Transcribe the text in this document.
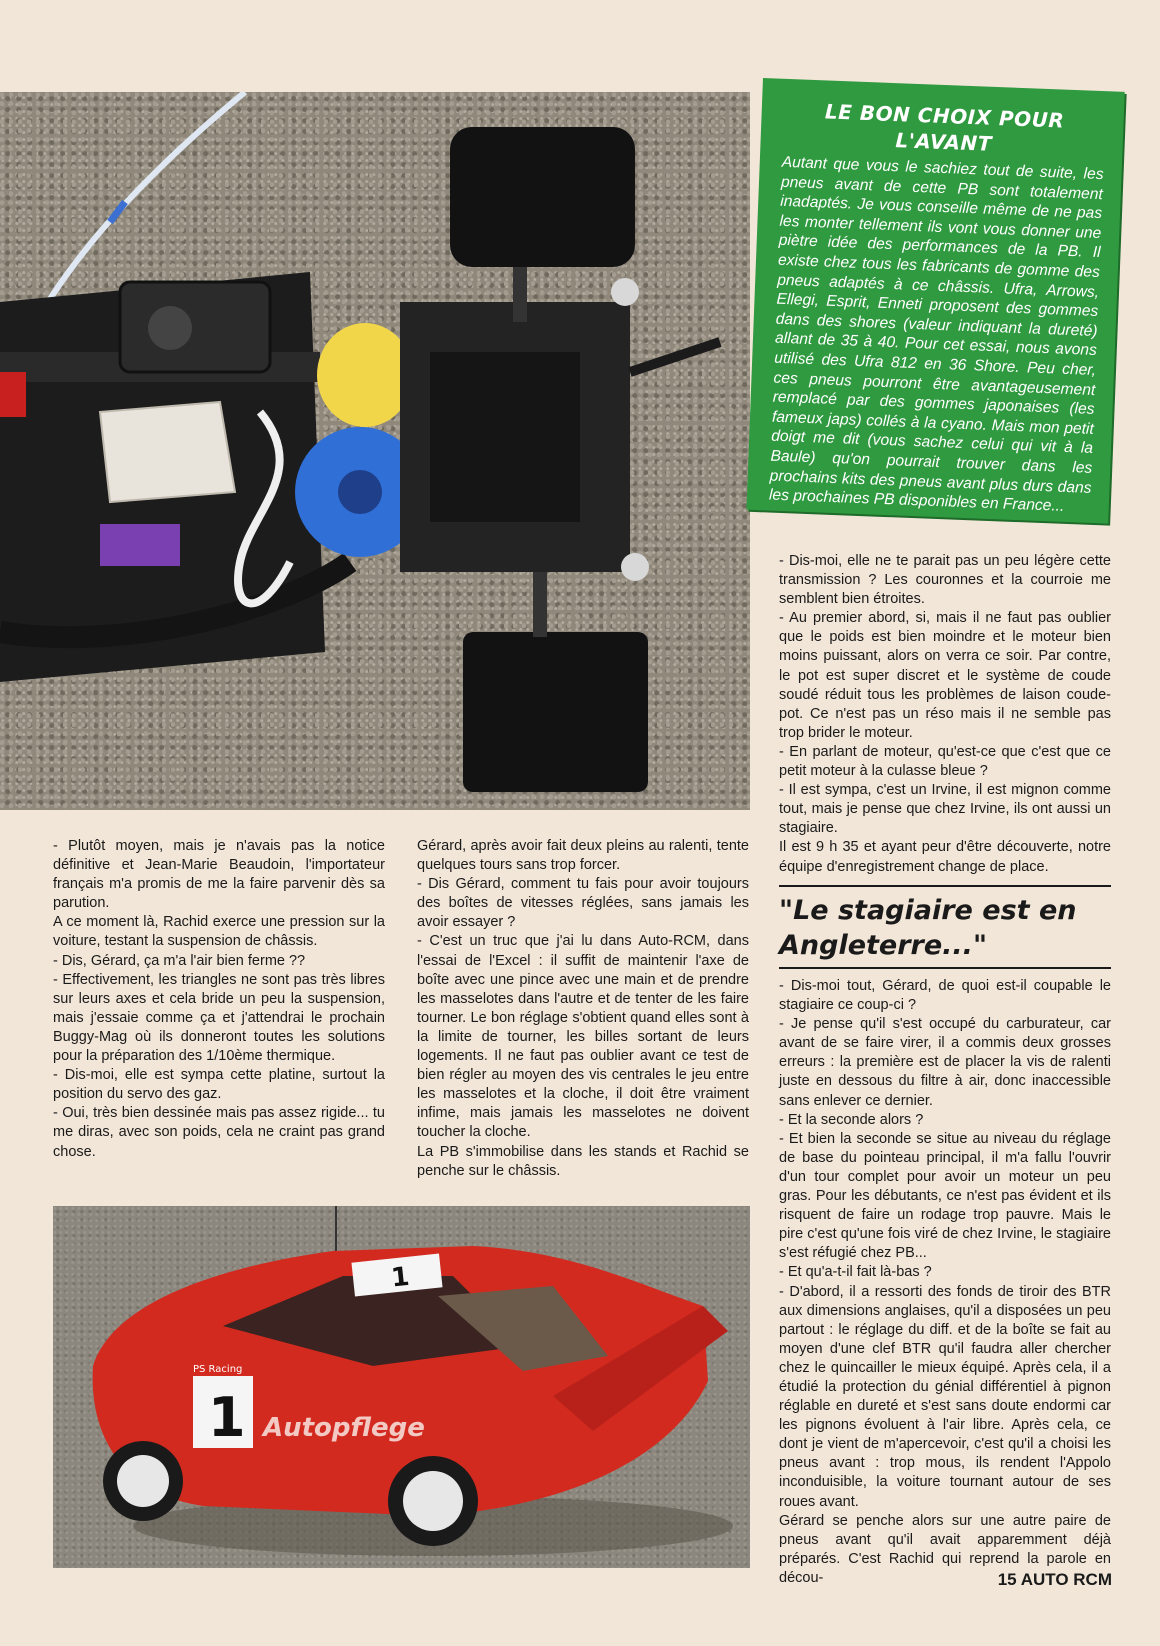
LE BON CHOIX POUR L'AVANT

Autant que vous le sachiez tout de suite, les pneus avant de cette PB sont totalement inadaptés. Je vous conseille même de ne pas les monter tellement ils vont vous donner une piètre idée des performances de la PB. Il existe chez tous les fabricants de gomme des pneus adaptés à ce châssis. Ufra, Arrows, Ellegi, Esprit, Enneti proposent des gommes dans des shores (valeur indiquant la dureté) allant de 35 à 40. Pour cet essai, nous avons utilisé des Ufra 812 en 36 Shore. Peu cher, ces pneus pourront être avantageusement remplacé par des gommes japonaises (les fameux japs) collés à la cyano. Mais mon petit doigt me dit (vous sachez celui qui vit à la Baule) qu'on pourrait trouver dans les prochains kits des pneus avant plus durs dans les prochaines PB disponibles en France...

- Plutôt moyen, mais je n'avais pas la notice définitive et Jean-Marie Beaudoin, l'importateur français m'a promis de me la faire parvenir dès sa parution.

A ce moment là, Rachid exerce une pression sur la voiture, testant la suspension de châssis.

- Dis, Gérard, ça m'a l'air bien ferme ??

- Effectivement, les triangles ne sont pas très libres sur leurs axes et cela bride un peu la suspension, mais j'essaie comme ça et j'attendrai le prochain Buggy-Mag où ils donneront toutes les solutions pour la préparation des 1/10ème thermique.

- Dis-moi, elle est sympa cette platine, surtout la position du servo des gaz.

- Oui, très bien dessinée mais pas assez rigide... tu me diras, avec son poids, cela ne craint pas grand chose.

Gérard, après avoir fait deux pleins au ralenti, tente quelques tours sans trop forcer.

- Dis Gérard, comment tu fais pour avoir toujours des boîtes de vitesses réglées, sans jamais les avoir essayer ?

- C'est un truc que j'ai lu dans Auto-RCM, dans l'essai de l'Excel : il suffit de maintenir l'axe de boîte avec une pince avec une main et de prendre les masselotes dans l'autre et de tenter de les faire tourner. Le bon réglage s'obtient quand elles sont à la limite de tourner, les billes sortant de leurs logements. Il ne faut pas oublier avant ce test de bien régler au moyen des vis centrales le jeu entre les masselotes et la cloche, il doit être vraiment infime, mais jamais les masselotes ne doivent toucher la cloche.

La PB s'immobilise dans les stands et Rachid se penche sur le châssis.

- Dis-moi, elle ne te parait pas un peu légère cette transmission ? Les couronnes et la courroie me semblent bien étroites.

- Au premier abord, si, mais il ne faut pas oublier que le poids est bien moindre et le moteur bien moins puissant, alors on verra ce soir. Par contre, le pot est super discret et le système de coude soudé réduit tous les problèmes de laison coude-pot. Ce n'est pas un réso mais il ne semble pas trop brider le moteur.

- En parlant de moteur, qu'est-ce que c'est que ce petit moteur à la culasse bleue ?

- Il est sympa, c'est un Irvine, il est mignon comme tout, mais je pense que chez Irvine, ils ont aussi un stagiaire.

Il est 9 h 35 et ayant peur d'être découverte, notre équipe d'enregistrement change de place.

"Le stagiaire est en Angleterre..."

- Dis-moi tout, Gérard, de quoi est-il coupable le stagiaire ce coup-ci ?

- Je pense qu'il s'est occupé du carburateur, car avant de se faire virer, il a commis deux grosses erreurs : la première est de placer la vis de ralenti juste en dessous du filtre à air, donc inaccessible sans enlever ce dernier.

- Et la seconde alors ?

- Et bien la seconde se situe au niveau du réglage de base du pointeau principal, il m'a fallu l'ouvrir d'un tour complet pour avoir un moteur un peu gras. Pour les débutants, ce n'est pas évident et ils risquent de faire un rodage trop pauvre. Mais le pire c'est qu'une fois viré de chez Irvine, le stagiaire s'est réfugié chez PB...

- Et qu'a-t-il fait là-bas ?

- D'abord, il a ressorti des fonds de tiroir des BTR aux dimensions anglaises, qu'il a disposées un peu partout : le réglage du diff. et de la boîte se fait au moyen d'une clef BTR qu'il faudra aller chercher chez le quincailler le mieux équipé. Après cela, il a étudié la protection du génial différentiel à pignon réglable en dureté et s'est sans doute endormi car les pignons évoluent à l'air libre. Après cela, ce dont je vient de m'apercevoir, c'est qu'il a choisi les pneus avant : trop mous, ils rendent l'Appolo inconduisible, la voiture tournant autour de ses roues avant.

Gérard se penche alors sur une autre paire de pneus avant qu'il avait apparemment déjà préparés. C'est Rachid qui reprend la parole en décou-

1
1
PS Racing
Autopflege
15 AUTO RCM
